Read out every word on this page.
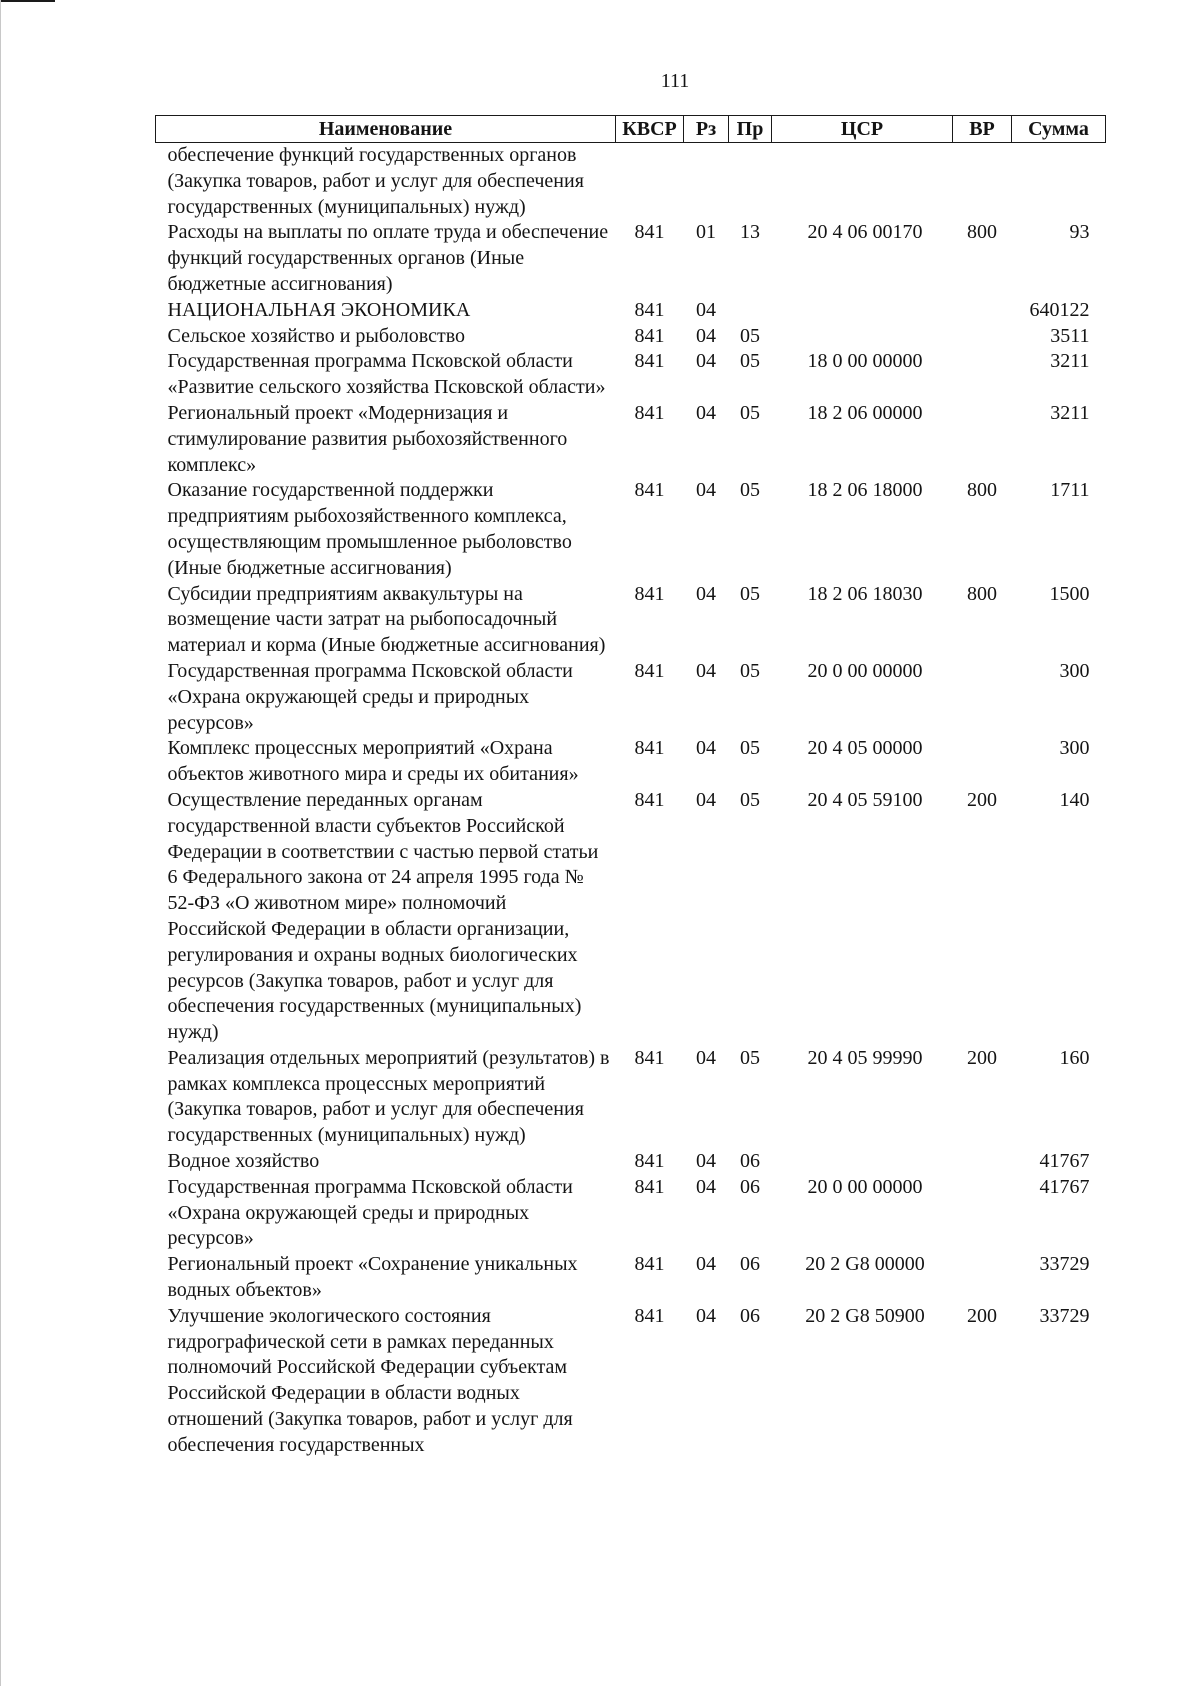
111
Наименование	КВСР	Рз	Пр	ЦСР	ВР	Сумма
обеспечение функций государственных органов (Закупка товаров, работ и услуг для обеспечения государственных (муниципальных) нужд)						
Расходы на выплаты по оплате труда и обеспечение функций государственных органов (Иные бюджетные ассигнования)	841	01	13	20 4 06 00170	800	93
НАЦИОНАЛЬНАЯ ЭКОНОМИКА	841	04				640122
Сельское хозяйство и рыболовство	841	04	05			3511
Государственная программа Псковской области «Развитие сельского хозяйства Псковской области»	841	04	05	18 0 00 00000		3211
Региональный проект «Модернизация и стимулирование развития рыбохозяйственного комплекс»	841	04	05	18 2 06 00000		3211
Оказание государственной поддержки предприятиям рыбохозяйственного комплекса, осуществляющим промышленное рыболовство (Иные бюджетные ассигнования)	841	04	05	18 2 06 18000	800	1711
Субсидии предприятиям аквакультуры на возмещение части затрат на рыбопосадочный материал и корма (Иные бюджетные ассигнования)	841	04	05	18 2 06 18030	800	1500
Государственная программа Псковской области «Охрана окружающей среды и природных ресурсов»	841	04	05	20 0 00 00000		300
Комплекс процессных мероприятий «Охрана объектов животного мира и среды их обитания»	841	04	05	20 4 05 00000		300
Осуществление переданных органам государственной власти субъектов Российской Федерации в соответствии с частью первой статьи 6 Федерального закона от 24 апреля 1995 года № 52-ФЗ «О животном мире» полномочий Российской Федерации в области организации, регулирования и охраны водных биологических ресурсов (Закупка товаров, работ и услуг для обеспечения государственных (муниципальных) нужд)	841	04	05	20 4 05 59100	200	140
Реализация отдельных мероприятий (результатов) в рамках комплекса процессных мероприятий (Закупка товаров, работ и услуг для обеспечения государственных (муниципальных) нужд)	841	04	05	20 4 05 99990	200	160
Водное хозяйство	841	04	06			41767
Государственная программа Псковской области «Охрана окружающей среды и природных ресурсов»	841	04	06	20 0 00 00000		41767
Региональный проект «Сохранение уникальных водных объектов»	841	04	06	20 2 G8 00000		33729
Улучшение экологического состояния гидрографической сети в рамках переданных полномочий Российской Федерации субъектам Российской Федерации в области водных отношений (Закупка товаров, работ и услуг для обеспечения государственных	841	04	06	20 2 G8 50900	200	33729
